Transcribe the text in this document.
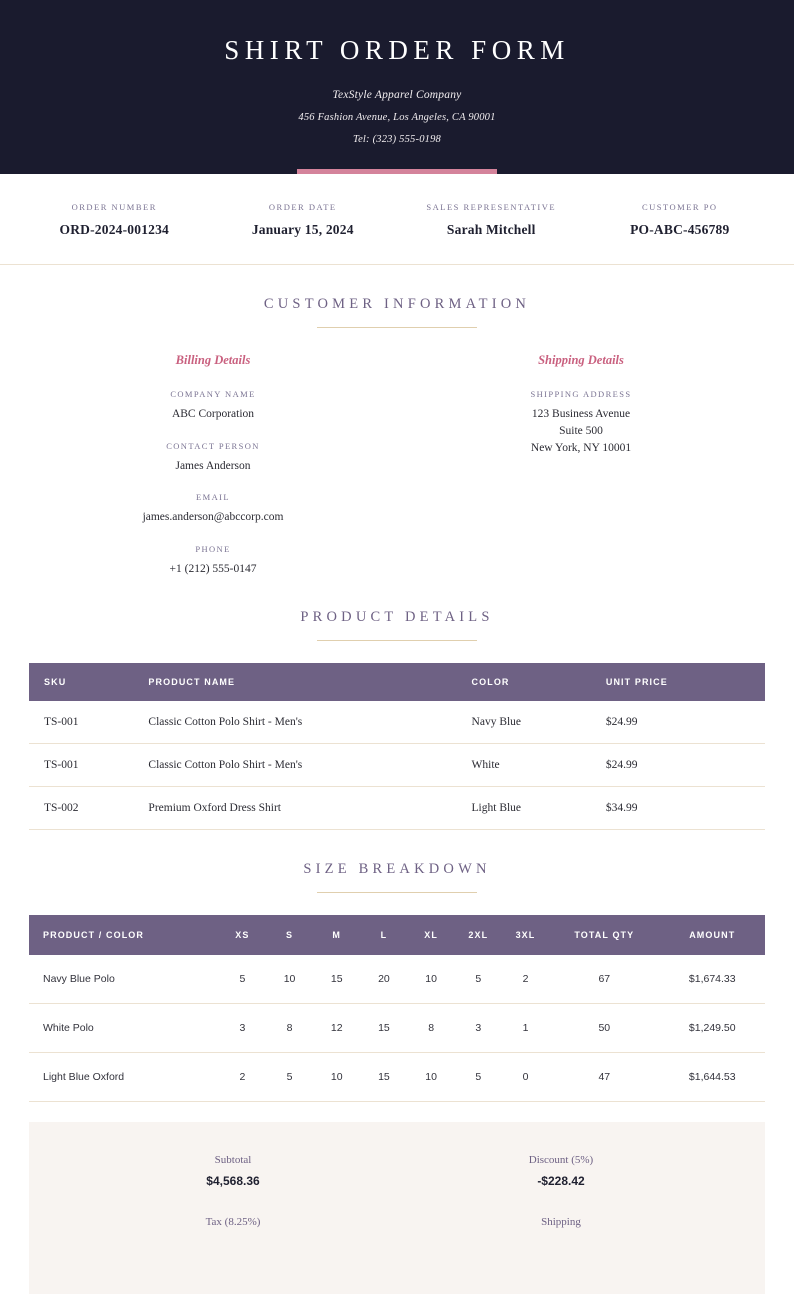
SHIRT ORDER FORM
TexStyle Apparel Company
456 Fashion Avenue, Los Angeles, CA 90001
Tel: (323) 555-0198
ORDER NUMBER
ORD-2024-001234
ORDER DATE
January 15, 2024
SALES REPRESENTATIVE
Sarah Mitchell
CUSTOMER PO
PO-ABC-456789
CUSTOMER INFORMATION
Billing Details
COMPANY NAME
ABC Corporation
CONTACT PERSON
James Anderson
EMAIL
james.anderson@abccorp.com
PHONE
+1 (212) 555-0147
Shipping Details
SHIPPING ADDRESS
123 Business Avenue
Suite 500
New York, NY 10001
PRODUCT DETAILS
SKU	PRODUCT NAME	COLOR	UNIT PRICE
TS-001	Classic Cotton Polo Shirt - Men's	Navy Blue	$24.99
TS-001	Classic Cotton Polo Shirt - Men's	White	$24.99
TS-002	Premium Oxford Dress Shirt	Light Blue	$34.99
SIZE BREAKDOWN
PRODUCT / COLOR	XS	S	M	L	XL	2XL	3XL	TOTAL QTY	AMOUNT
Navy Blue Polo	5	10	15	20	10	5	2	67	$1,674.33
White Polo	3	8	12	15	8	3	1	50	$1,249.50
Light Blue Oxford	2	5	10	15	10	5	0	47	$1,644.53
Subtotal
$4,568.36
Discount (5%)
-$228.42
Tax (8.25%)	Shipping
